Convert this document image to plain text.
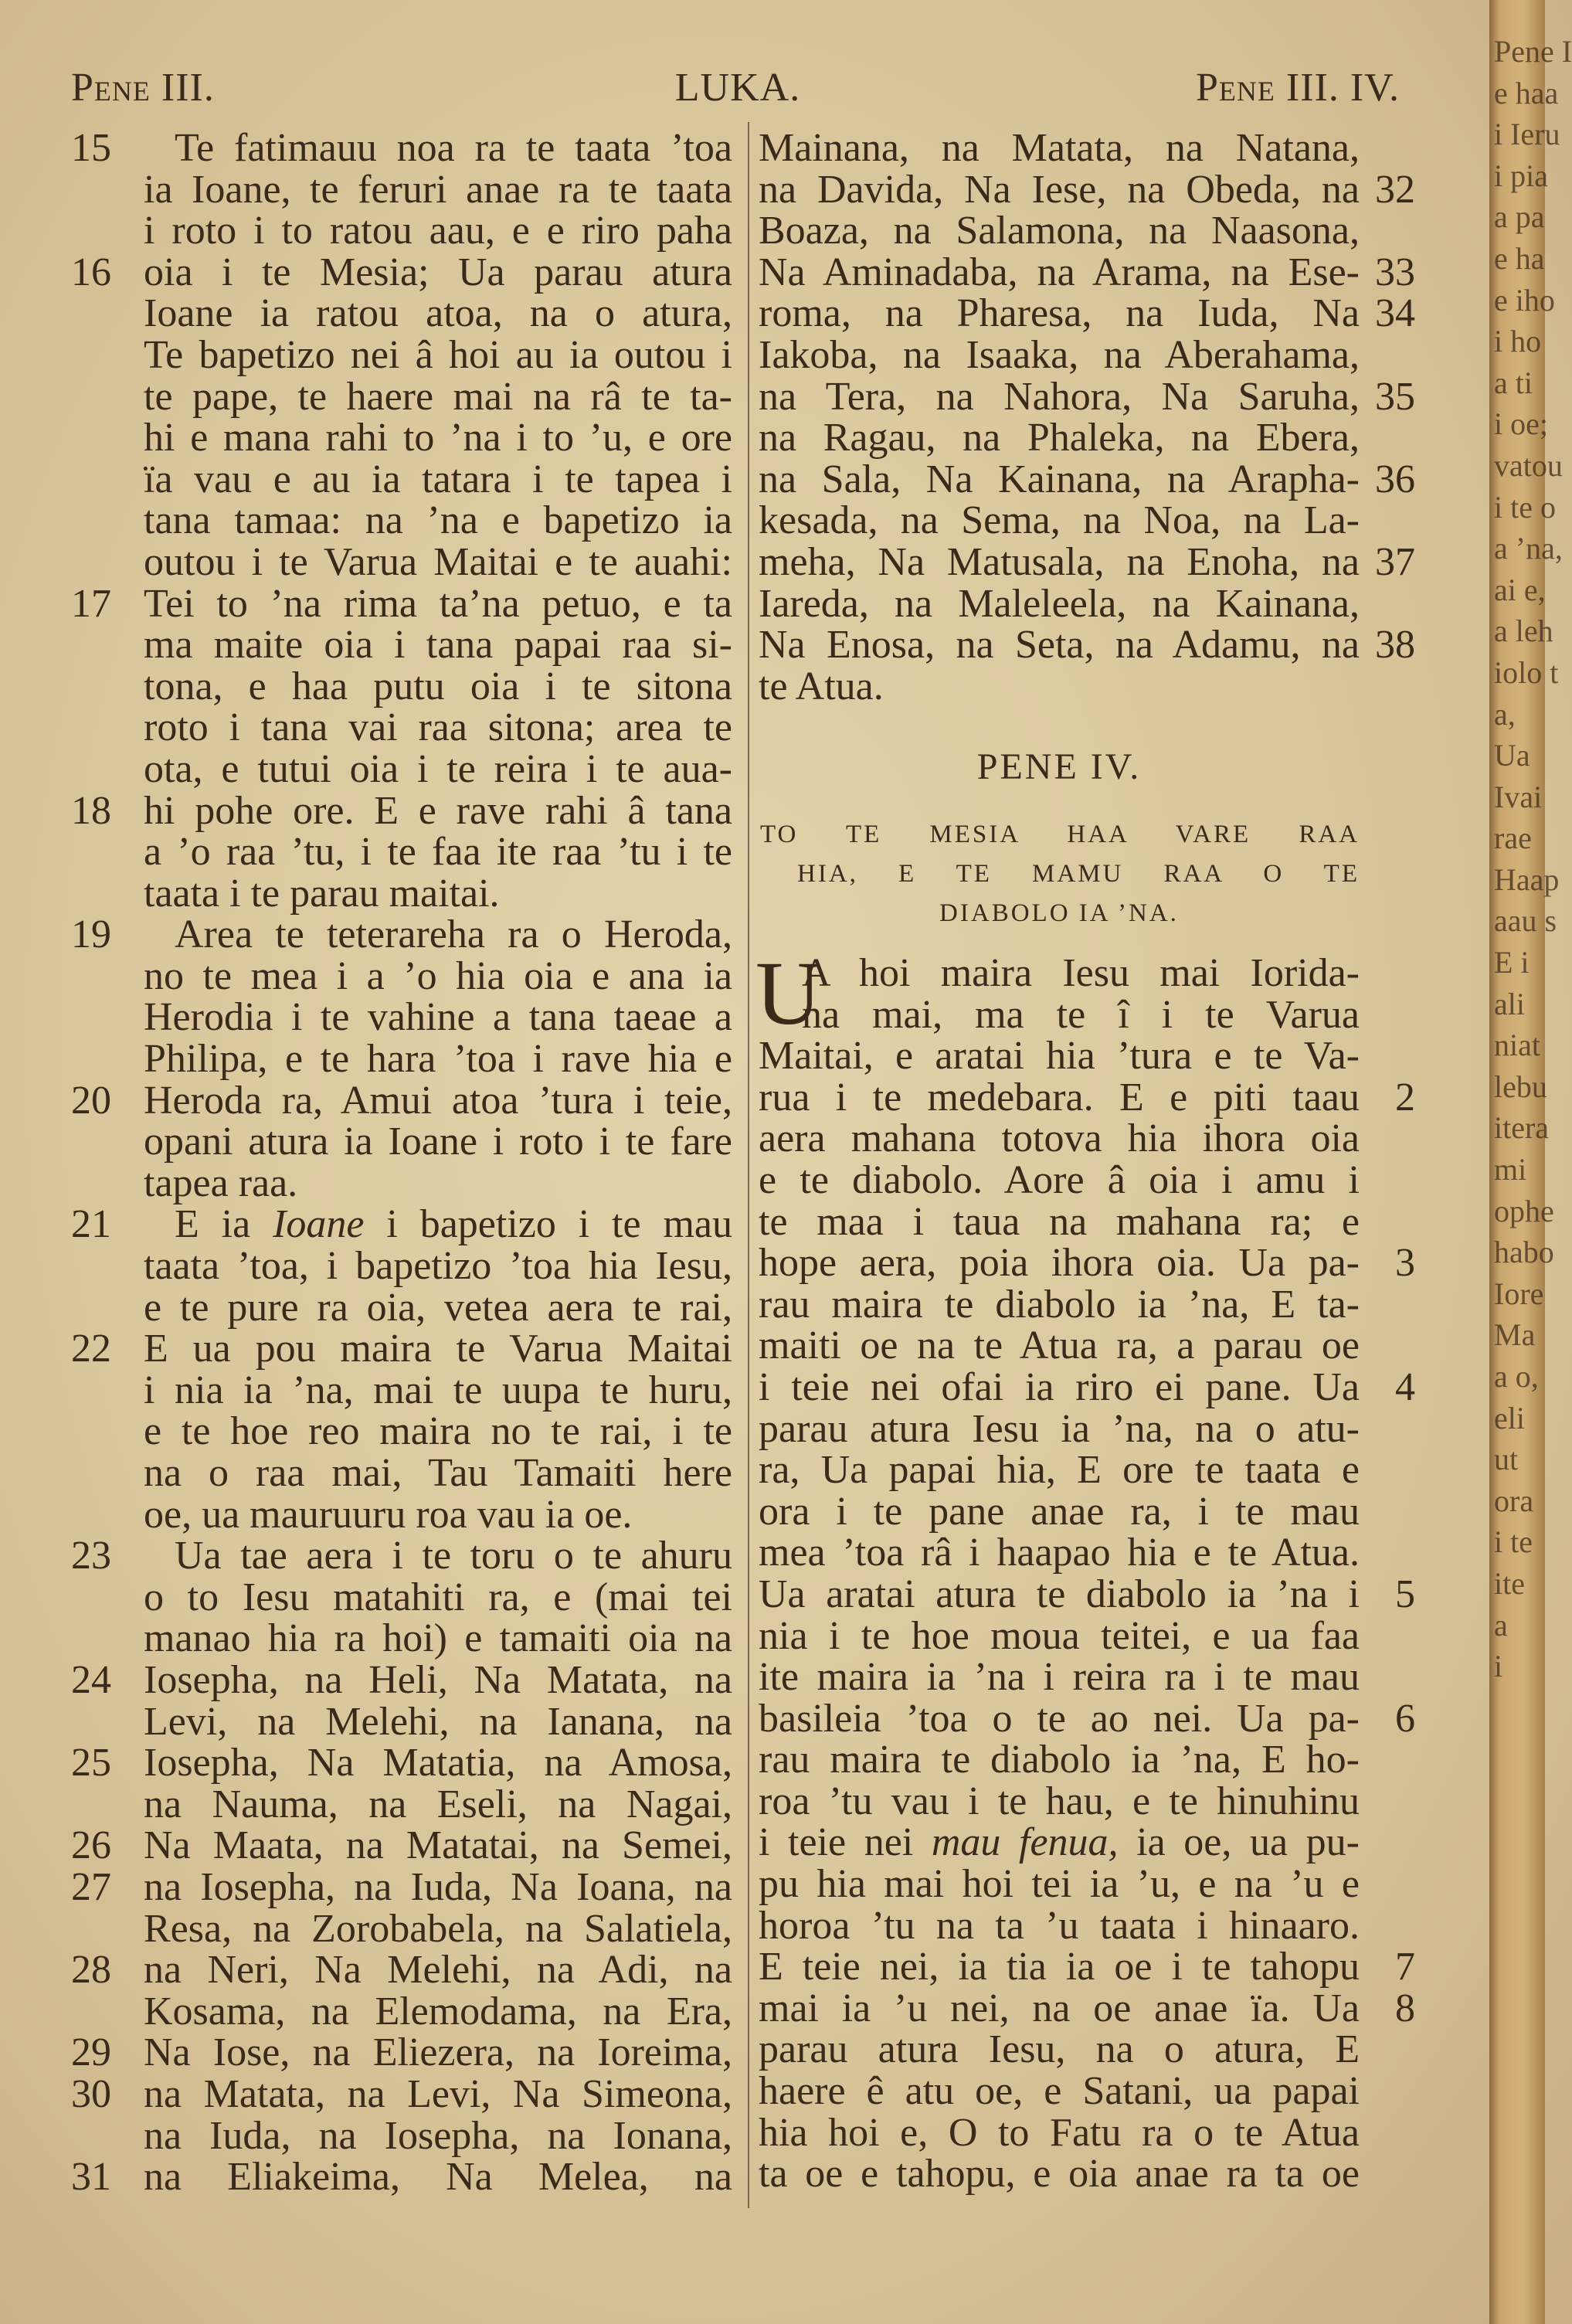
Pene III.	LUKA.	Pene III. IV.
15	Te fatimauu noa ra te taata ’toa
ia Ioane, te feruri anae ra te taata
i roto i to ratou aau, e e riro paha
16 oia i te Mesia; Ua parau atura
Ioane ia ratou atoa, na o atura,
Te bapetizo nei â hoi au ia outou i
te pape, te haere mai na râ te ta-
hi e mana rahi to ’na i to ’u, e ore
ïa vau e au ia tatara i te tapea i
tana tamaa: na ’na e bapetizo ia
outou i te Varua Maitai e te auahi:
17 Tei to ’na rima ta’na petuo, e ta
ma maite oia i tana papai raa si-
tona, e haa putu oia i te sitona
roto i tana vai raa sitona; area te
ota, e tutui oia i te reira i te aua-
18 hi pohe ore. E e rave rahi â tana
a ’o raa ’tu, i te faa ite raa ’tu i te
taata i te parau maitai.
19	Area te teterareha ra o Heroda,
no te mea i a ’o hia oia e ana ia
Herodia i te vahine a tana taeae a
Philipa, e te hara ’toa i rave hia e
20 Heroda ra, Amui atoa ’tura i teie,
opani atura ia Ioane i roto i te fare
tapea raa.
21	E ia Ioane i bapetizo i te mau
taata ’toa, i bapetizo ’toa hia Iesu,
e te pure ra oia, vetea aera te rai,
22 E ua pou maira te Varua Maitai
i nia ia ’na, mai te uupa te huru,
e te hoe reo maira no te rai, i te
na o raa mai, Tau Tamaiti here
oe, ua mauruuru roa vau ia oe.
23	Ua tae aera i te toru o te ahuru
o to Iesu matahiti ra, e (mai tei
manao hia ra hoi) e tamaiti oia na
24 Iosepha, na Heli, Na Matata, na
Levi, na Melehi, na Ianana, na
25 Iosepha, Na Matatia, na Amosa,
na Nauma, na Eseli, na Nagai,
26 Na Maata, na Matatai, na Semei,
27 na Iosepha, na Iuda, Na Ioana, na
Resa, na Zorobabela, na Salatiela,
28 na Neri, Na Melehi, na Adi, na
Kosama, na Elemodama, na Era,
29 Na Iose, na Eliezera, na Ioreima,
30 na Matata, na Levi, Na Simeona,
na Iuda, na Iosepha, na Ionana,
31 na Eliakeima, Na Melea, na
Mainana, na Matata, na Natana,
32
na Davida, Na Iese, na Obeda, na
Boaza, na Salamona, na Naasona,
33
Na Aminadaba, na Arama, na Ese-
34
roma, na Pharesa, na Iuda, Na
Iakoba, na Isaaka, na Aberahama,
35
na Tera, na Nahora, Na Saruha,
na Ragau, na Phaleka, na Ebera,
36
na Sala, Na Kainana, na Arapha-
kesada, na Sema, na Noa, na La-
37
meha, Na Matusala, na Enoha, na
Iareda, na Maleleela, na Kainana,
38
Na Enosa, na Seta, na Adamu, na
te Atua.
PENE IV.
TO TE MESIA HAA VARE RAA
HIA, E TE MAMU RAA O TE
DIABOLO IA ’NA.
U
A hoi maira Iesu mai Iorida-
na mai, ma te î i te Varua
Maitai, e aratai hia ’tura e te Va-
2
rua i te medebara. E e piti taau
aera mahana totova hia ihora oia
e te diabolo. Aore â oia i amu i
te maa i taua na mahana ra; e
3
hope aera, poia ihora oia. Ua pa-
rau maira te diabolo ia ’na, E ta-
maiti oe na te Atua ra, a parau oe
4
i teie nei ofai ia riro ei pane. Ua
parau atura Iesu ia ’na, na o atu-
ra, Ua papai hia, E ore te taata e
ora i te pane anae ra, i te mau
mea ’toa râ i haapao hia e te Atua.
5
Ua aratai atura te diabolo ia ’na i
nia i te hoe moua teitei, e ua faa
ite maira ia ’na i reira ra i te mau
6
basileia ’toa o te ao nei. Ua pa-
rau maira te diabolo ia ’na, E ho-
roa ’tu vau i te hau, e te hinuhinu
i teie nei mau fenua, ia oe, ua pu-
pu hia mai hoi tei ia ’u, e na ’u e
horoa ’tu na ta ’u taata i hinaaro.
7
E teie nei, ia tia ia oe i te tahopu
8
mai ia ’u nei, na oe anae ïa. Ua
parau atura Iesu, na o atura, E
haere ê atu oe, e Satani, ua papai
hia hoi e, O to Fatu ra o te Atua
ta oe e tahopu, e oia anae ra ta oe
Pene I
e haa
i Ieru
i pia
a pa
e ha
e iho
i ho
a ti
i oe;
vatou
i te o
a ’na,
ai e,
a leh
iolo t
a,
Ua
Ivai
rae
Haap
aau s
E i
ali
niat
lebu
itera
mi
ophe
habo
Iore
Ma
a o,
eli
ut
ora
i te
ite
a
i
